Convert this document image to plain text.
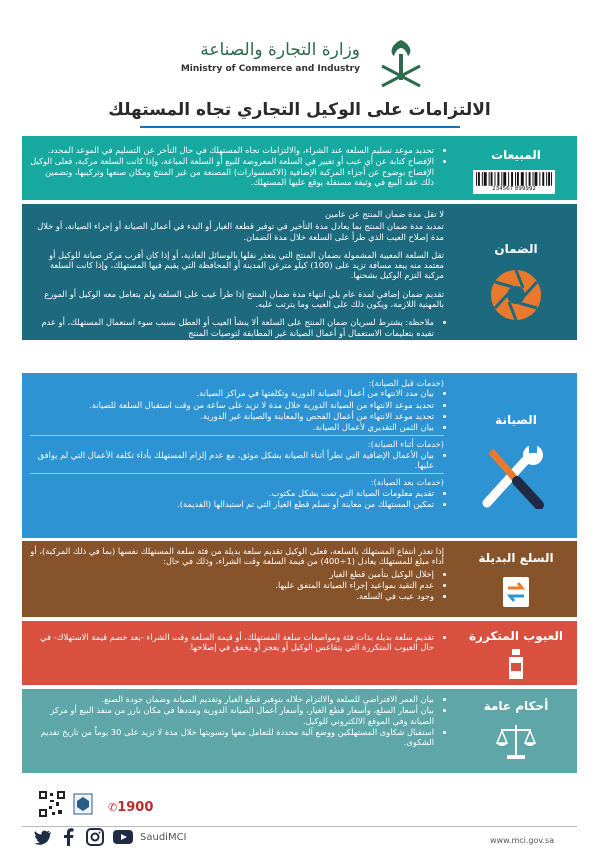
وزارة التجارة والصناعة
Ministry of Commerce and Industry
الالتزامات على الوكيل التجاري تجاه المستهلك
• تحديد موعد تسليم السلعة عند الشراء، والالتزامات تجاه المستهلك في حال التأخر عن التسليم في الموعد المحدد.
• الإفصاح كتابة عن أي عيب أو تغيير في السلعة المعروضة للبيع أو السلعة المباعة، وإذا كانت السلعة مركبة، فعلى الوكيل الإفصاح بوضوح عن أجزاء المركبة الإضافية (الاكسسوارات) المصنعة من غير المنتج ومكان صنعها وتركيبها، وتضمين ذلك عقد البيع في وثيقة مستقلة يوقع عليها المستهلك.
المبيعات
234567 899992

لا تقل مدة ضمان المنتج عن عامين

تمديد مدة ضمان المنتج بما يعادل مدة التأخير في توفير قطعة الغيار أو البدء في أعمال الصيانة أو إجراء الصيانة، أو خلال مدة إصلاح العيب الذي طرأ على السلعة خلال مدة الضمان.

تقل السلعة المعيبة المشمولة بضمان المنتج التي يتعذر نقلها بالوسائل العادية، أو إذا كان أقرب مركز صيانة للوكيل أو معتمد منه يبعد مسافة تزيد على (100) كيلو مترعن المدينة أو المحافظة التي يقيم فيها المستهلك، وإذا كانت السلعة مركبة التزم الوكيل بشحنها.

تقديم ضمان إضافي لمدة عام يلي انتهاء مدة ضمان المنتج إذا طرأ عيب على السلعة ولم يتعامل معه الوكيل أو الموزع بالمهنية اللازمة، ويكون ذلك على العيب وما يترتب عليه.

• ملاحظة: يشترط لسريان ضمان المنتج على السلعة ألا ينشأ العيب أو العطل بسبب سوء استعمال المستهلك، أو عدم تقيده بتعليمات الاستعمال أو أعمال الصيانة غير المطابقة لتوصيات المنتج
الضمان
(خدمات قبل الصيانة):
• بيان مدد الانتهاء من أعمال الصيانة الدورية وتكلفتها في مراكز الصيانة.
• تحديد موعد الانتهاء من الصيانة الدورية خلال مدة لا تزيد على ساعة من وقت استقبال السلعة للصيانة.
• تحديد موعد الانتهاء من أعمال الفحص والمعاينة والصيانة غير الدورية.
• بيان الثمن التقديري لأعمال الصيانة.
(خدمات أثناء الصيانة):
• بيان الأعمال الإضافية التي تطرأ أثناء الصيانة بشكل موثق، مع عدم إلزام المستهلك بأداء تكلفة الأعمال التي لم يوافق عليها.
(خدمات بعد الصيانة):
• تقديم معلومات الصيانة التي تمت بشكل مكتوب.
• تمكين المستهلك من معاينة أو تسلم قطع الغيار التي تم استبدالها (القديمة).
الصيانة

إذا تعذر انتفاع المستهلك بالسلعة، فعلى الوكيل تقديم سلعة بديلة من فئة سلعة المستهلك نفسها (بما في ذلك المركبة)، أو أداء مبلغ للمستهلك يعادل (1÷400) من قيمة السلعة وقت الشراء، وذلك في حال:

• إخلال الوكيل بتأمين قطع الغيار
• عدم التقيد بمواعيد إجراء الصيانة المتفق عليها.
• وجود عيب في السلعة.
السلع البديلة
• تقديم سلعة بديلة بذات فئة ومواصفات سلعة المستهلك، أو قيمة السلعة وقت الشراء -بعد خصم قيمة الاستهلاك- في حال العيوب المتكررة التي يتقاعس الوكيل أو يعجز أو يخفق في إصلاحها.
العيوب المتكررة
• بيان العمر الافتراضي للسلعة والالتزام خلاله بتوفير قطع الغيار وتقديم الصيانة وضمان جودة الصنع.
• بيان أسعار السلع، وأسعار قطع الغيار، وأسعار أعمال الصيانة الدورية ومددها في مكان بارز من منفذ البيع أو مركز الصيانة وفي الموقع الالكتروني للوكيل.
• استقبال شكاوى المستهلكين ووضع آلية محددة للتعامل معها وتسويتها خلال مدة لا تزيد على 30 يوماً من تاريخ تقديم الشكوى.
أحكام عامة
✆1900
SaudiMCI	www.mci.gov.sa
